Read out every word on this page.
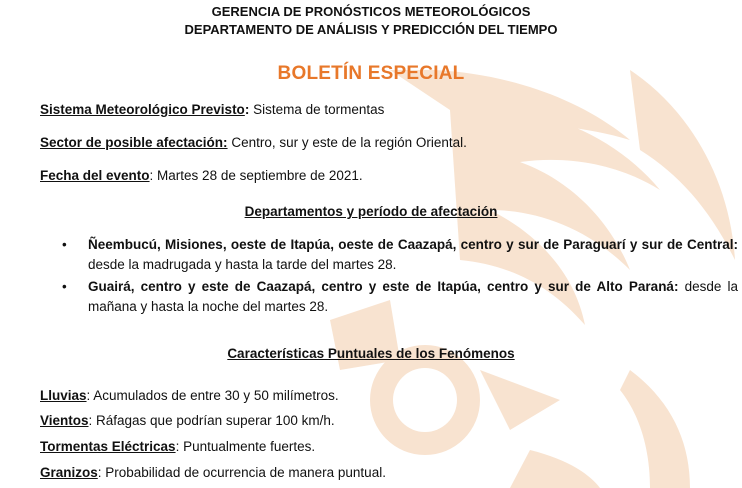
GERENCIA DE PRONÓSTICOS METEOROLÓGICOS
DEPARTAMENTO DE ANÁLISIS Y PREDICCIÓN DEL TIEMPO
BOLETÍN ESPECIAL
Sistema Meteorológico Previsto: Sistema de tormentas
Sector de posible afectación: Centro, sur y este de la región Oriental.
Fecha del evento: Martes 28 de septiembre de 2021.
Departamentos y período de afectación
• Ñeembucú, Misiones, oeste de Itapúa, oeste de Caazapá, centro y sur de Paraguarí y sur de Central: desde la madrugada y hasta la tarde del martes 28.
• Guairá, centro y este de Caazapá, centro y este de Itapúa, centro y sur de Alto Paraná: desde la mañana y hasta la noche del martes 28.
Características Puntuales de los Fenómenos
Lluvias: Acumulados de entre 30 y 50 milímetros.
Vientos: Ráfagas que podrían superar 100 km/h.
Tormentas Eléctricas: Puntualmente fuertes.
Granizos: Probabilidad de ocurrencia de manera puntual.
